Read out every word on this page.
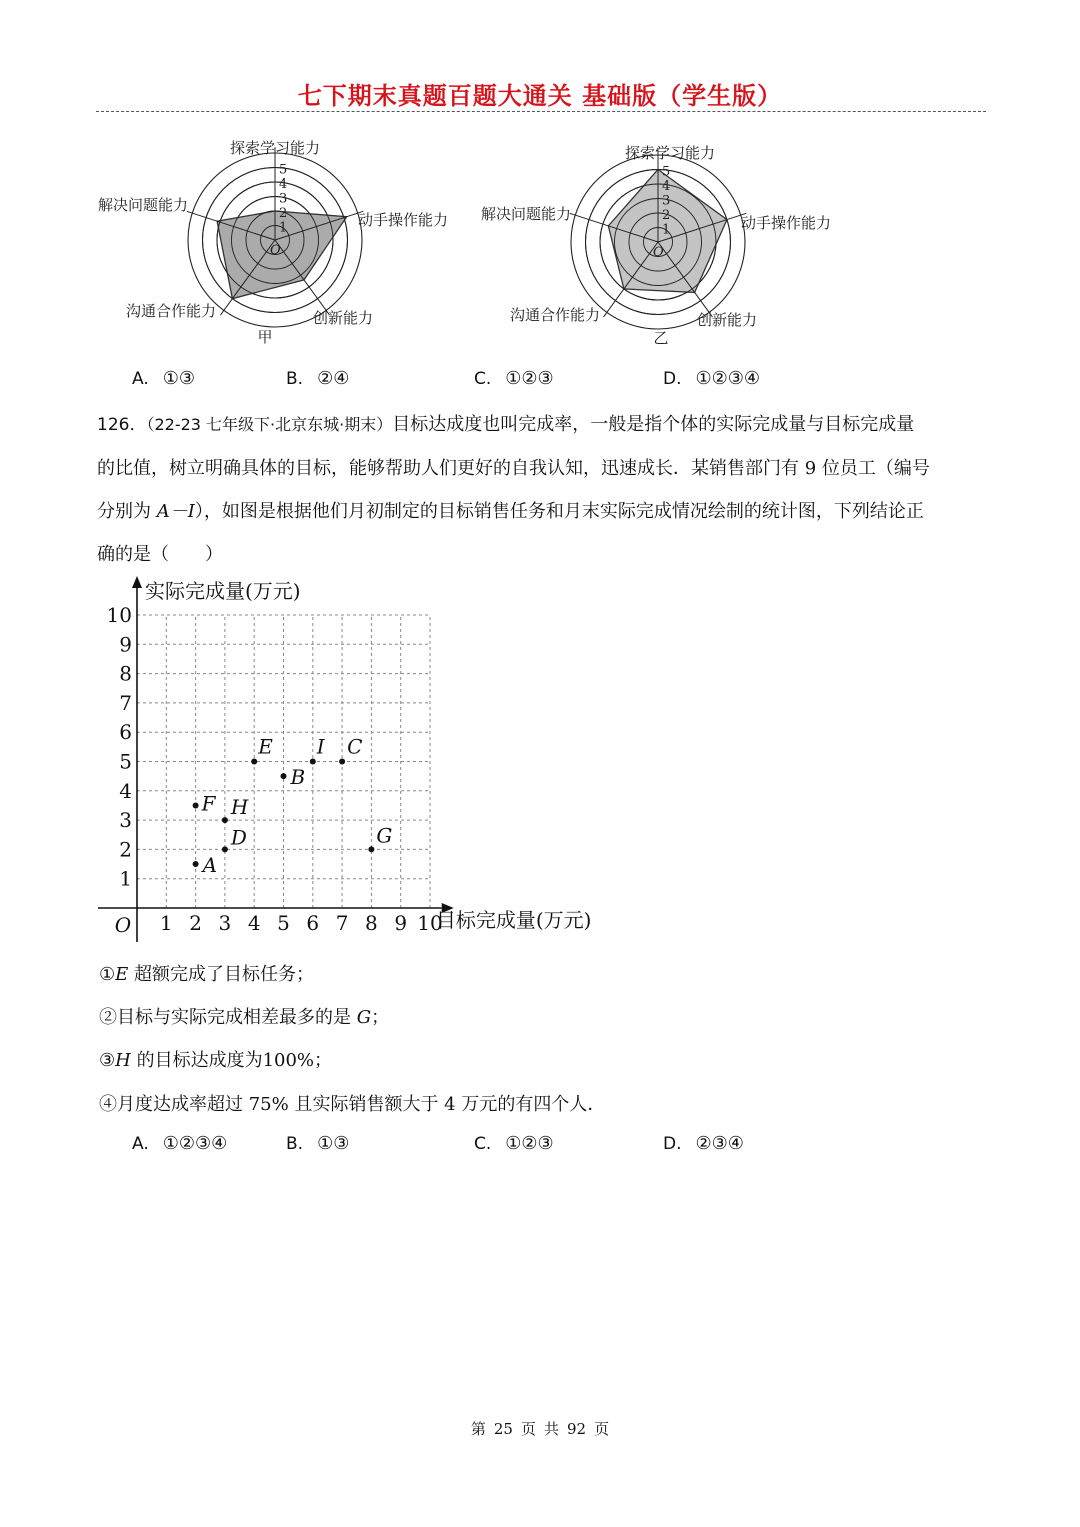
七下期末真题百题大通关 基础版（学生版）
1
2
3
4
5
O
探索学习能力
动手操作能力
创新能力
沟通合作能力
解决问题能力
甲
1
2
3
4
5
O
探索学习能力
动手操作能力
创新能力
沟通合作能力
解决问题能力
乙
A. ①③	B. ②④	C. ①②③	D. ①②③④
126．（22-23 七年级下·北京东城·期末）目标达成度也叫完成率，一般是指个体的实际完成量与目标完成量
的比值，树立明确具体的目标，能够帮助人们更好的自我认知，迅速成长．某销售部门有 9 位员工（编号
分别为 A－I），如图是根据他们月初制定的目标销售任务和月末实际完成情况绘制的统计图，下列结论正
确的是（　　）
1 2 3 4 5 6 7 8 9 10
1
2
3
4
5
6
7
8
9
10
O
实际完成量(万元)
目标完成量(万元)
A
B
C
D
E
F
G
H
I
①E 超额完成了目标任务；
②目标与实际完成相差最多的是 G；
③H 的目标达成度为100%；
④月度达成率超过 75% 且实际销售额大于 4 万元的有四个人．
A. ①②③④	B. ①③	C. ①②③	D. ②③④
第 25 页 共 92 页
